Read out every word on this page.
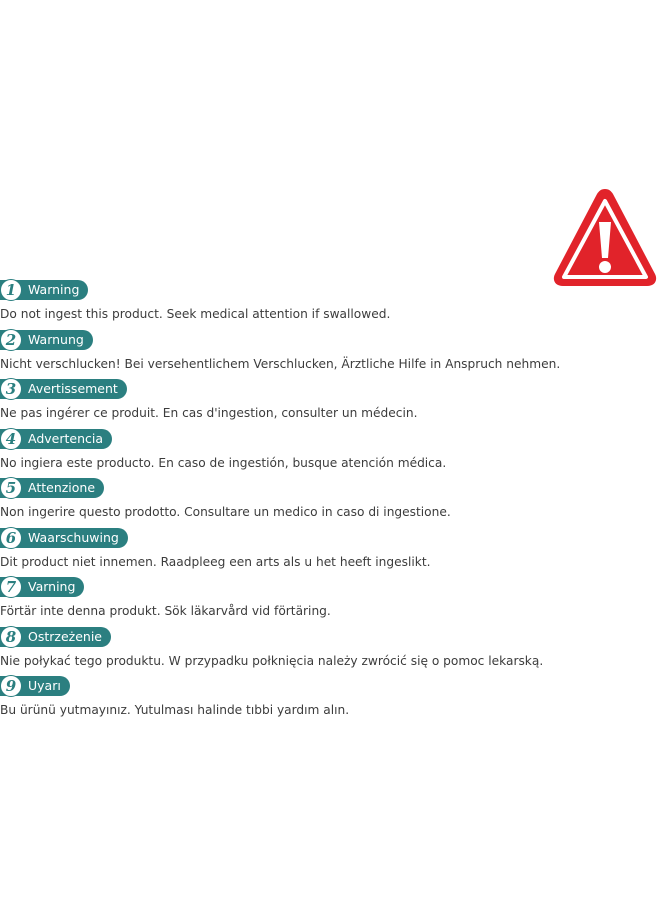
1 Warning
Do not ingest this product. Seek medical attention if swallowed.
2 Warnung
Nicht verschlucken! Bei versehentlichem Verschlucken, Ärztliche Hilfe in Anspruch nehmen.
3 Avertissement
Ne pas ingérer ce produit. En cas d'ingestion, consulter un médecin.
4 Advertencia
No ingiera este producto. En caso de ingestión, busque atención médica.
5 Attenzione
Non ingerire questo prodotto. Consultare un medico in caso di ingestione.
6 Waarschuwing
Dit product niet innemen. Raadpleeg een arts als u het heeft ingeslikt.
7 Varning
Förtär inte denna produkt. Sök läkarvård vid förtäring.
8 Ostrzeżenie
Nie połykać tego produktu. W przypadku połknięcia należy zwrócić się o pomoc lekarską.
9 Uyarı
Bu ürünü yutmayınız. Yutulması halinde tıbbi yardım alın.
